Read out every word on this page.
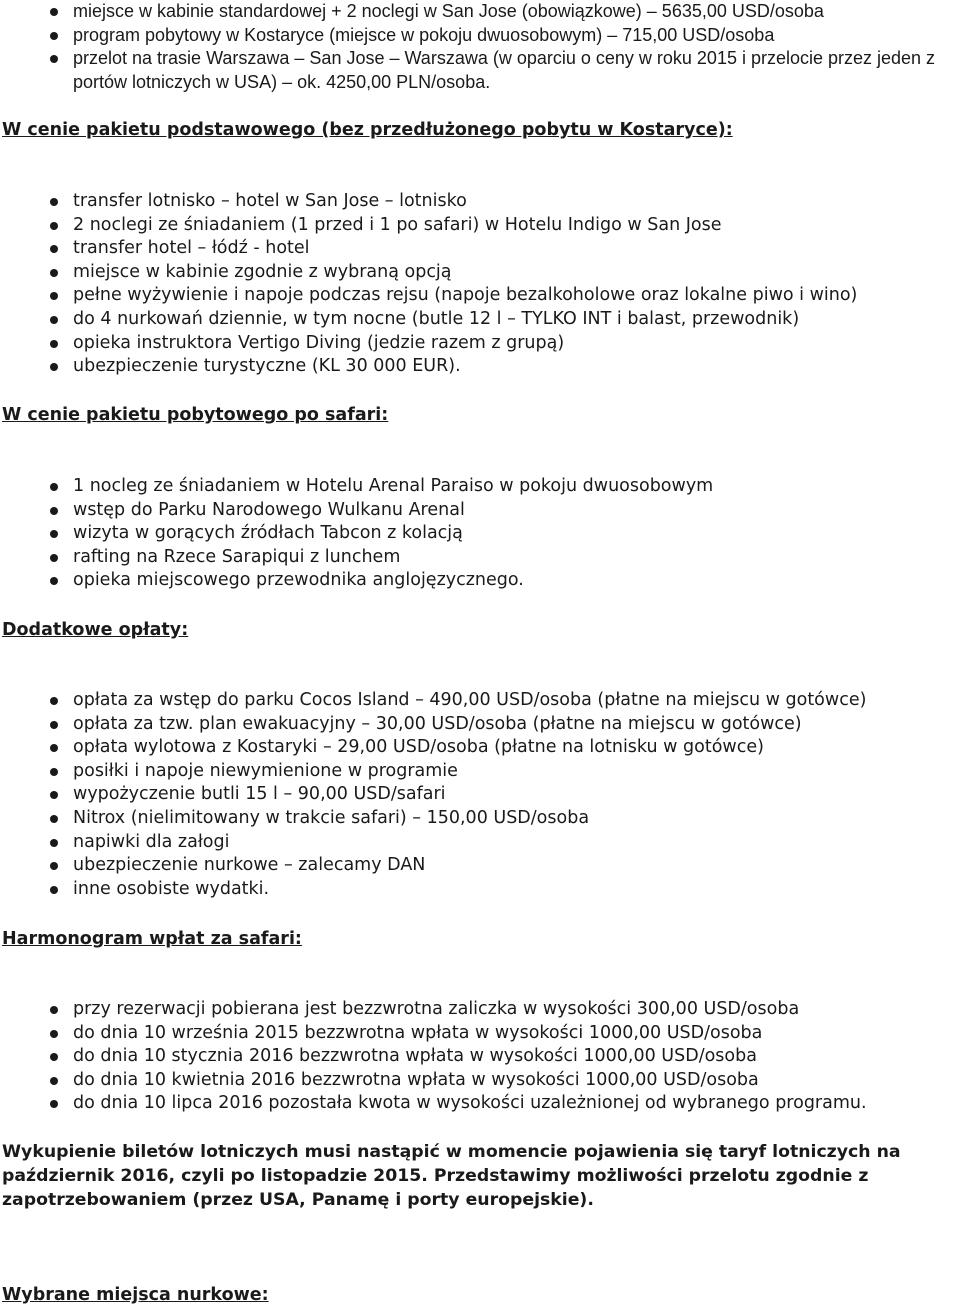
miejsce w kabinie standardowej + 2 noclegi w San Jose (obowiązkowe) – 5635,00 USD/osoba
program pobytowy w Kostaryce (miejsce w pokoju dwuosobowym) – 715,00 USD/osoba
przelot na trasie Warszawa – San Jose – Warszawa (w oparciu o ceny w roku 2015 i przelocie przez jeden z portów lotniczych w USA) – ok. 4250,00 PLN/osoba.
W cenie pakietu podstawowego (bez przedłużonego pobytu w Kostaryce):
transfer lotnisko – hotel w San Jose – lotnisko
2 noclegi ze śniadaniem (1 przed i 1 po safari) w Hotelu Indigo w San Jose
transfer hotel – łódź - hotel
miejsce w kabinie zgodnie z wybraną opcją
pełne wyżywienie i napoje podczas rejsu (napoje bezalkoholowe oraz lokalne piwo i wino)
do 4 nurkowań dziennie, w tym nocne (butle 12 l – TYLKO INT i balast, przewodnik)
opieka instruktora Vertigo Diving (jedzie razem z grupą)
ubezpieczenie turystyczne (KL 30 000 EUR).
W cenie pakietu pobytowego po safari:
1 nocleg ze śniadaniem w Hotelu Arenal Paraiso w pokoju dwuosobowym
wstęp do Parku Narodowego Wulkanu Arenal
wizyta w gorących źródłach Tabcon z kolacją
rafting na Rzece Sarapiqui z lunchem
opieka miejscowego przewodnika anglojęzycznego.
Dodatkowe opłaty:
opłata za wstęp do parku Cocos Island – 490,00 USD/osoba (płatne na miejscu w gotówce)
opłata za tzw. plan ewakuacyjny – 30,00 USD/osoba (płatne na miejscu w gotówce)
opłata wylotowa z Kostaryki – 29,00 USD/osoba (płatne na lotnisku w gotówce)
posiłki i napoje niewymienione w programie
wypożyczenie butli 15 l – 90,00 USD/safari
Nitrox (nielimitowany w trakcie safari) – 150,00 USD/osoba
napiwki dla załogi
ubezpieczenie nurkowe – zalecamy DAN
inne osobiste wydatki.
Harmonogram wpłat za safari:
przy rezerwacji pobierana jest bezzwrotna zaliczka w wysokości 300,00 USD/osoba
do dnia 10 września 2015 bezzwrotna wpłata w wysokości 1000,00 USD/osoba
do dnia 10 stycznia 2016 bezzwrotna wpłata w wysokości 1000,00 USD/osoba
do dnia 10 kwietnia 2016 bezzwrotna wpłata w wysokości 1000,00 USD/osoba
do dnia 10 lipca 2016 pozostała kwota w wysokości uzależnionej od wybranego programu.

Wykupienie biletów lotniczych musi nastąpić w momencie pojawienia się taryf lotniczych na październik 2016, czyli po listopadzie 2015. Przedstawimy możliwości przelotu zgodnie z zapotrzebowaniem (przez USA, Panamę i porty europejskie).

Wybrane miejsca nurkowe:
